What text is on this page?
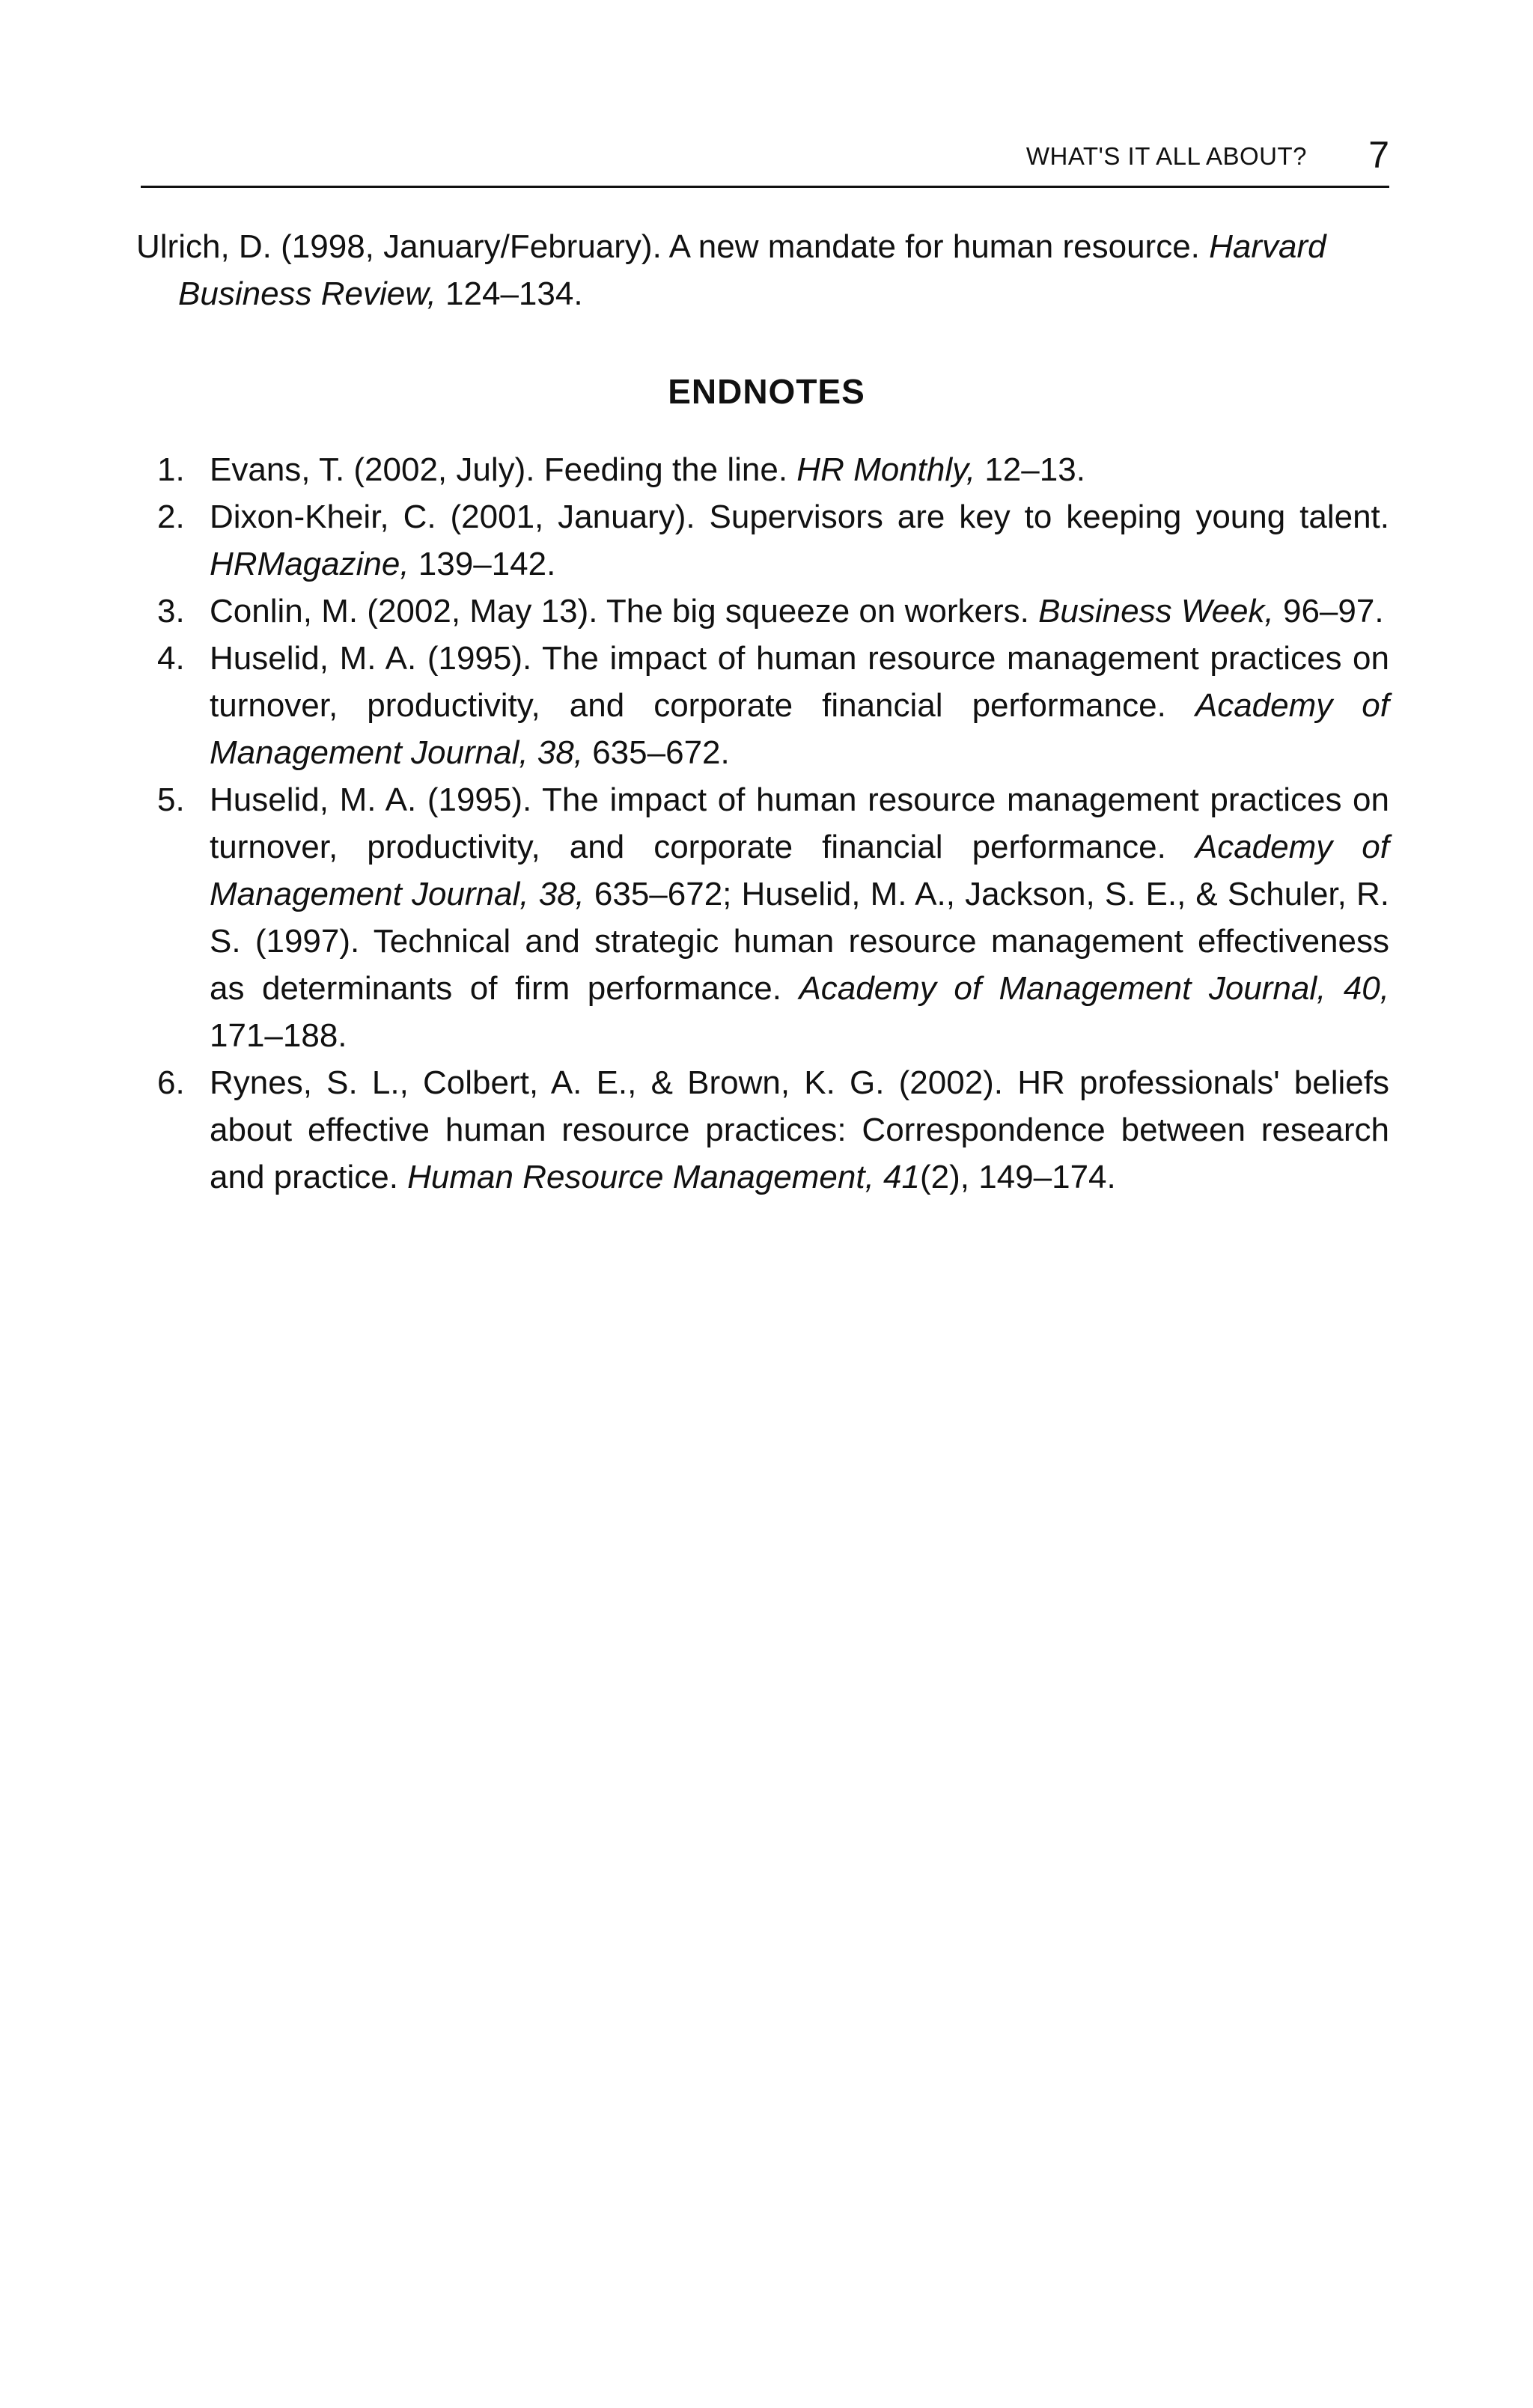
WHAT'S IT ALL ABOUT? 7

Ulrich, D. (1998, January/February). A new mandate for human resource. Harvard Business Review, 124–134.

ENDNOTES
1. Evans, T. (2002, July). Feeding the line. HR Monthly, 12–13.
2. Dixon-Kheir, C. (2001, January). Supervisors are key to keeping young talent. HRMagazine, 139–142.
3. Conlin, M. (2002, May 13). The big squeeze on workers. Business Week, 96–97.
4. Huselid, M. A. (1995). The impact of human resource management practices on turnover, productivity, and corporate financial performance. Academy of Management Journal, 38, 635–672.
5. Huselid, M. A. (1995). The impact of human resource management practices on turnover, productivity, and corporate financial performance. Academy of Management Journal, 38, 635–672; Huselid, M. A., Jackson, S. E., & Schuler, R. S. (1997). Technical and strategic human resource management effectiveness as determinants of firm performance. Academy of Management Journal, 40, 171–188.
6. Rynes, S. L., Colbert, A. E., & Brown, K. G. (2002). HR professionals' beliefs about effective human resource practices: Correspondence between research and practice. Human Resource Management, 41(2), 149–174.
